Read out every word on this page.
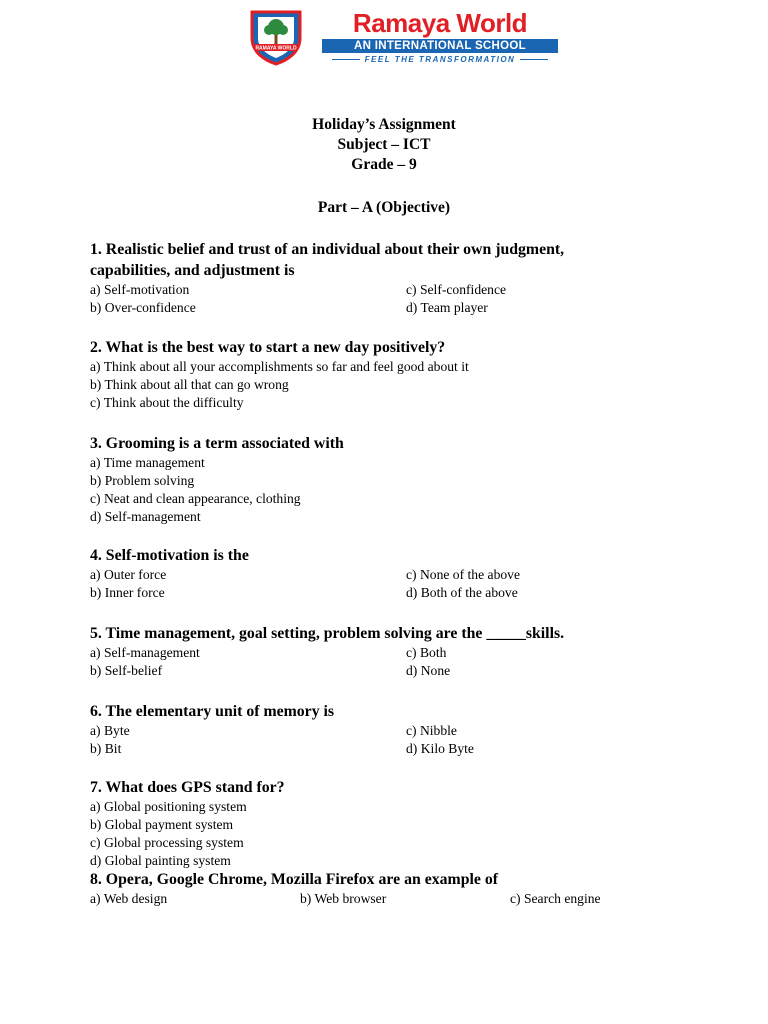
RAMAYA WORLD
Ramaya World
AN INTERNATIONAL SCHOOL
FEEL THE TRANSFORMATION
Holiday’s Assignment
Subject – ICT
Grade – 9
Part – A (Objective)
1. Realistic belief and trust of an individual about their own judgment,
capabilities, and adjustment is
a) Self-motivation	c) Self-confidence
b) Over-confidence	d) Team player
2. What is the best way to start a new day positively?
a) Think about all your accomplishments so far and feel good about it
b) Think about all that can go wrong
c) Think about the difficulty
3. Grooming is a term associated with
a) Time management
b) Problem solving
c) Neat and clean appearance, clothing
d) Self-management
4. Self-motivation is the
a) Outer force	c) None of the above
b) Inner force	d) Both of the above
5. Time management, goal setting, problem solving are the _____skills.
a) Self-management	c) Both
b) Self-belief	d) None
6. The elementary unit of memory is
a) Byte	c) Nibble
b) Bit	d) Kilo Byte
7. What does GPS stand for?
a) Global positioning system
b) Global payment system
c) Global processing system
d) Global painting system
8. Opera, Google Chrome, Mozilla Firefox are an example of
a) Web design	b) Web browser	c) Search engine
